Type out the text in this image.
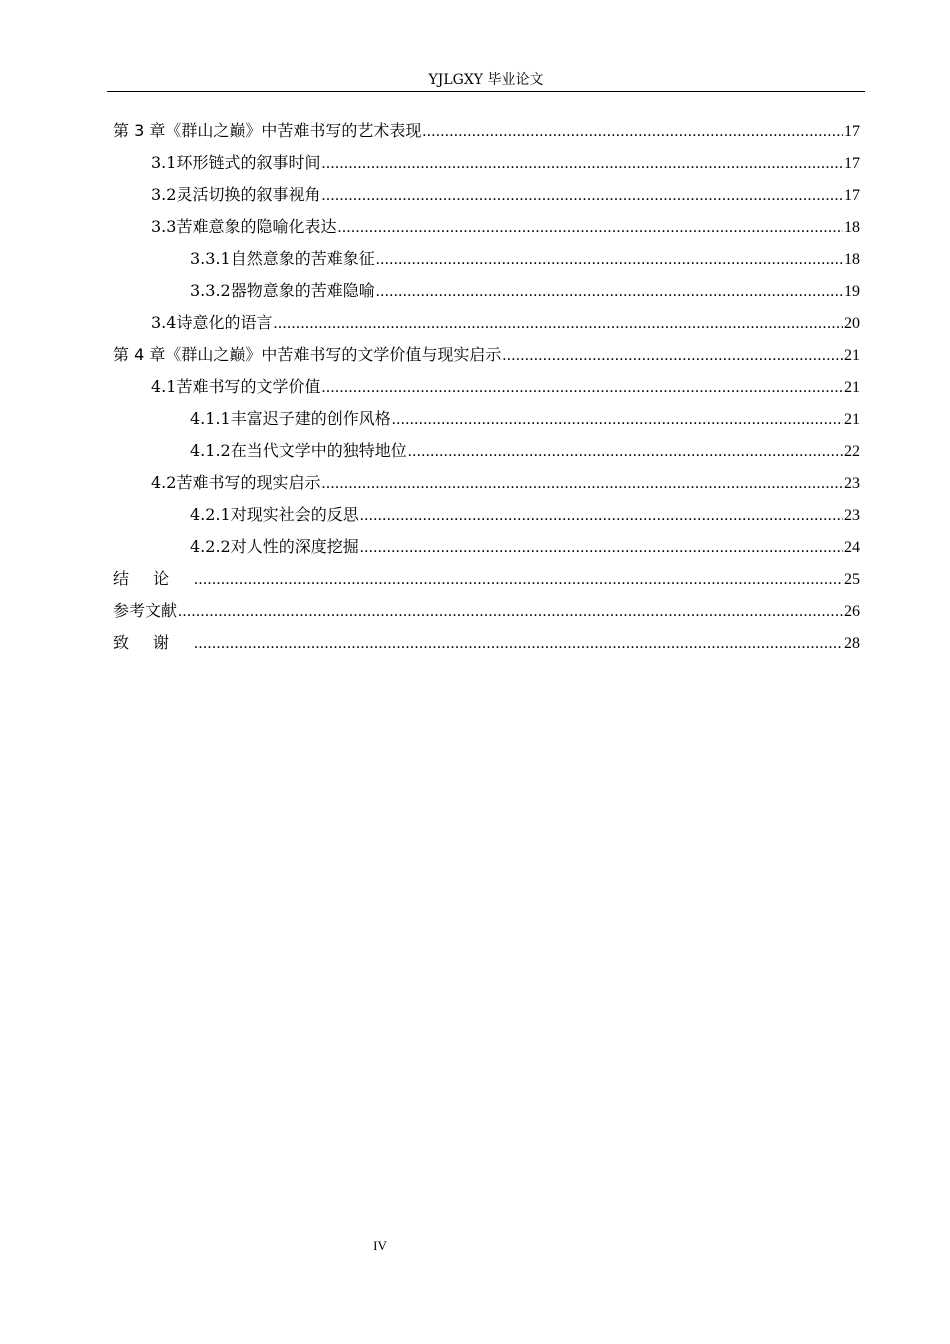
YJLGXY 毕业论文
第 3 章 《群山之巅》中苦难书写的艺术表现 .....	17
3.1 环形链式的叙事时间 .....	17
3.2 灵活切换的叙事视角 .....	17
3.3 苦难意象的隐喻化表达 .....	18
3.3.1 自然意象的苦难象征 .....	18
3.3.2 器物意象的苦难隐喻 .....	19
3.4 诗意化的语言 .....	20
第 4 章 《群山之巅》中苦难书写的文学价值与现实启示 .....	21
4.1 苦难书写的文学价值 .....	21
4.1.1 丰富迟子建的创作风格 .....	21
4.1.2 在当代文学中的独特地位 .....	22
4.2 苦难书写的现实启示 .....	23
4.2.1 对现实社会的反思 .....	23
4.2.2 对人性的深度挖掘 .....	24
结论 .....	25
参考文献 .....	26
致谢 .....	28
IV
